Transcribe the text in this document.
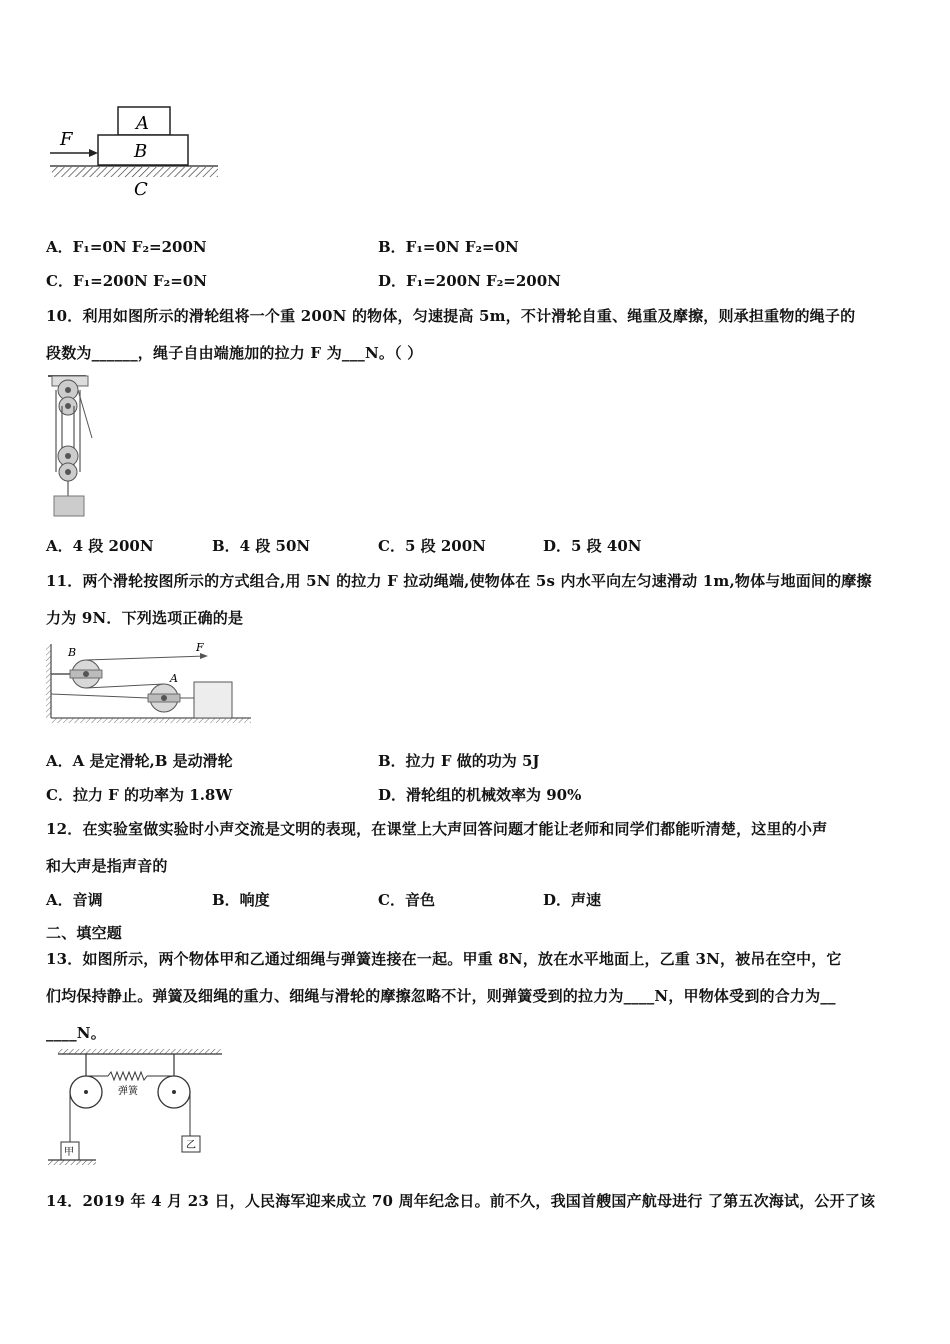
F
A
B
C
A．F₁=0N F₂=200N	B．F₁=0N F₂=0N
C．F₁=200N F₂=0N	D．F₁=200N F₂=200N
10．利用如图所示的滑轮组将一个重 200N 的物体，匀速提高 5m，不计滑轮自重、绳重及摩擦，则承担重物的绳子的
段数为______，绳子自由端施加的拉力 F 为___N。（ ）
A．4 段 200N	B．4 段 50N	C．5 段 200N	D．5 段 40N
11．两个滑轮按图所示的方式组合,用 5N 的拉力 F 拉动绳端,使物体在 5s 内水平向左匀速滑动 1m,物体与地面间的摩擦
力为 9N．下列选项正确的是
B
A
F
A．A 是定滑轮,B 是动滑轮	B．拉力 F 做的功为 5J
C．拉力 F 的功率为 1.8W	D．滑轮组的机械效率为 90%
12．在实验室做实验时小声交流是文明的表现，在课堂上大声回答问题才能让老师和同学们都能听清楚，这里的小声
和大声是指声音的
A．音调	B．响度	C．音色	D．声速
二、填空题
13．如图所示，两个物体甲和乙通过细绳与弹簧连接在一起。甲重 8N，放在水平地面上，乙重 3N，被吊在空中，它
们均保持静止。弹簧及细绳的重力、细绳与滑轮的摩擦忽略不计，则弹簧受到的拉力为____N，甲物体受到的合力为__
____N。
弹簧
甲
乙
14．2019 年 4 月 23 日，人民海军迎来成立 70 周年纪念日。前不久，我国首艘国产航母进行 了第五次海试，公开了该
